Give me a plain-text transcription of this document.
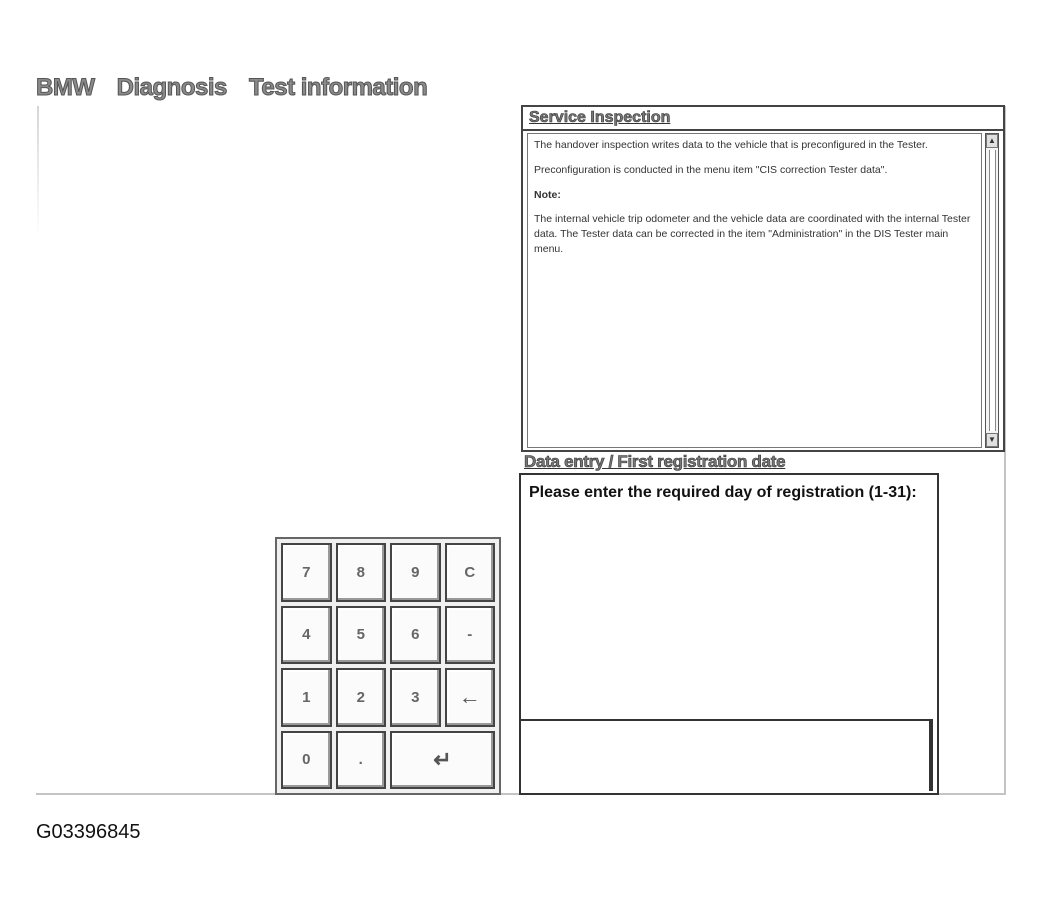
BMW Diagnosis Test information
Service Inspection

The handover inspection writes data to the vehicle that is preconfigured in the Tester.

Preconfiguration is conducted in the menu item "CIS correction Tester data".

Note:

The internal vehicle trip odometer and the vehicle data are coordinated with the internal Tester data. The Tester data can be corrected in the item "Administration" in the DIS Tester main menu.

▲
▼
Data entry / First registration date
Please enter the required day of registration (1-31):
7	8	9	C
4	5	6	-
1	2	3	←
0	.	↵
G03396845
